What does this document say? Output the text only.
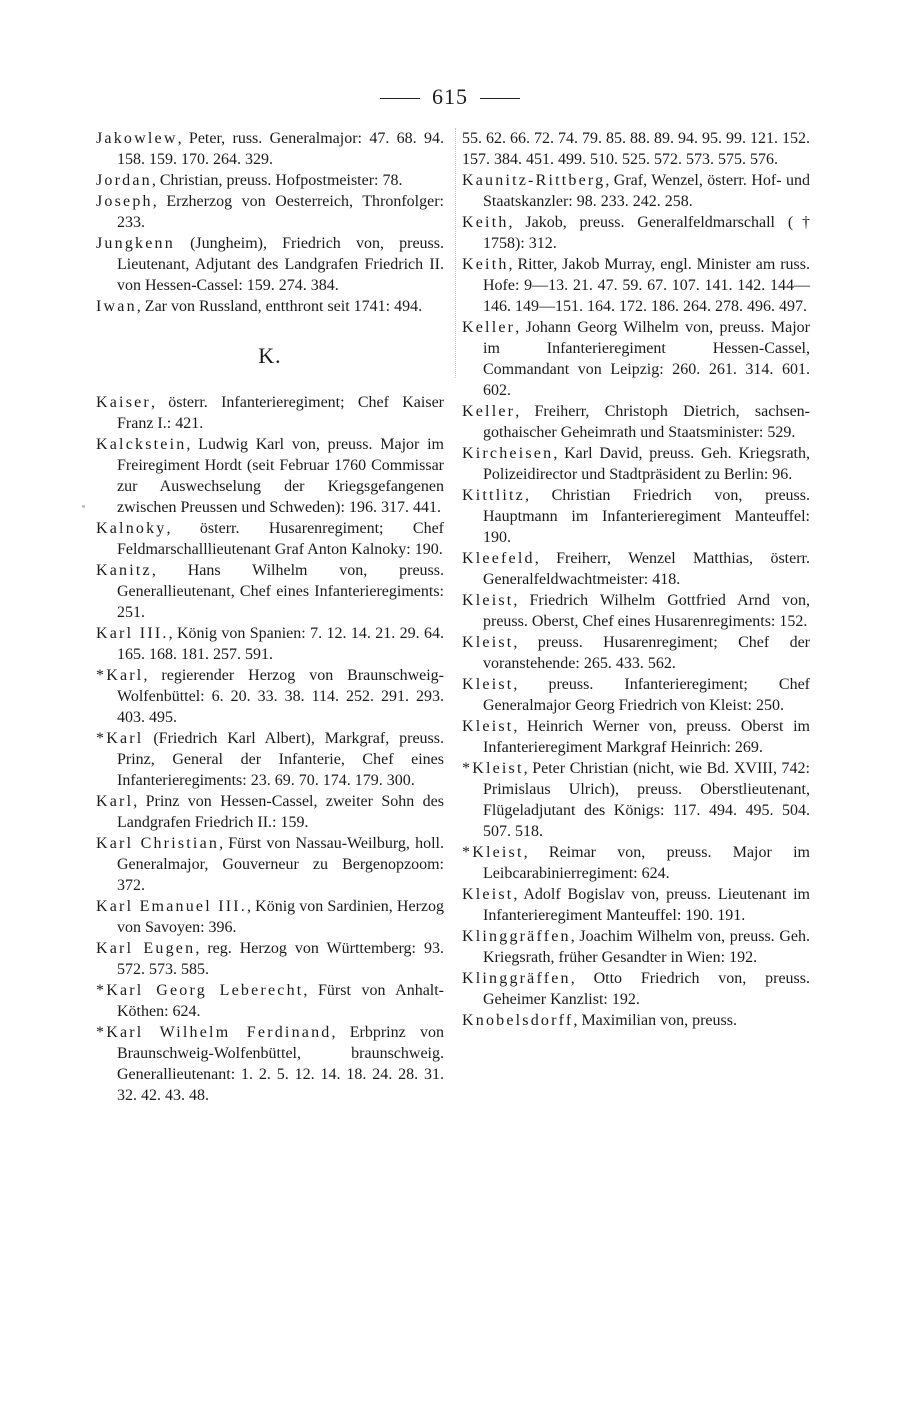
615
Jakowlew, Peter, russ. Generalmajor: 47. 68. 94. 158. 159. 170. 264. 329.
Jordan, Christian, preuss. Hofpostmeister: 78.
Joseph, Erzherzog von Oesterreich, Thronfolger: 233.
Jungkenn (Jungheim), Friedrich von, preuss. Lieutenant, Adjutant des Landgrafen Friedrich II. von Hessen-Cassel: 159. 274. 384.
Iwan, Zar von Russland, entthront seit 1741: 494.
K.
Kaiser, österr. Infanterieregiment; Chef Kaiser Franz I.: 421.
Kalckstein, Ludwig Karl von, preuss. Major im Freiregiment Hordt (seit Februar 1760 Commissar zur Auswechselung der Kriegsgefangenen zwischen Preussen und Schweden): 196. 317. 441.
Kalnoky, österr. Husarenregiment; Chef Feldmarschalllieutenant Graf Anton Kalnoky: 190.
Kanitz, Hans Wilhelm von, preuss. Generallieutenant, Chef eines Infanterieregiments: 251.
Karl III., König von Spanien: 7. 12. 14. 21. 29. 64. 165. 168. 181. 257. 591.
*Karl, regierender Herzog von Braunschweig-Wolfenbüttel: 6. 20. 33. 38. 114. 252. 291. 293. 403. 495.
*Karl (Friedrich Karl Albert), Markgraf, preuss. Prinz, General der Infanterie, Chef eines Infanterieregiments: 23. 69. 70. 174. 179. 300.
Karl, Prinz von Hessen-Cassel, zweiter Sohn des Landgrafen Friedrich II.: 159.
Karl Christian, Fürst von Nassau-Weilburg, holl. Generalmajor, Gouverneur zu Bergenopzoom: 372.
Karl Emanuel III., König von Sardinien, Herzog von Savoyen: 396.
Karl Eugen, reg. Herzog von Württemberg: 93. 572. 573. 585.
*Karl Georg Leberecht, Fürst von Anhalt-Köthen: 624.
*Karl Wilhelm Ferdinand, Erbprinz von Braunschweig-Wolfenbüttel, braunschweig. Generallieutenant: 1. 2. 5. 12. 14. 18. 24. 28. 31. 32. 42. 43. 48.
55. 62. 66. 72. 74. 79. 85. 88. 89. 94. 95. 99. 121. 152. 157. 384. 451. 499. 510. 525. 572. 573. 575. 576.
Kaunitz-Rittberg, Graf, Wenzel, österr. Hof- und Staatskanzler: 98. 233. 242. 258.
Keith, Jakob, preuss. Generalfeldmarschall († 1758): 312.
Keith, Ritter, Jakob Murray, engl. Minister am russ. Hofe: 9—13. 21. 47. 59. 67. 107. 141. 142. 144—146. 149—151. 164. 172. 186. 264. 278. 496. 497.
Keller, Johann Georg Wilhelm von, preuss. Major im Infanterieregiment Hessen-Cassel, Commandant von Leipzig: 260. 261. 314. 601. 602.
Keller, Freiherr, Christoph Dietrich, sachsen-gothaischer Geheimrath und Staatsminister: 529.
Kircheisen, Karl David, preuss. Geh. Kriegsrath, Polizeidirector und Stadtpräsident zu Berlin: 96.
Kittlitz, Christian Friedrich von, preuss. Hauptmann im Infanterieregiment Manteuffel: 190.
Kleefeld, Freiherr, Wenzel Matthias, österr. Generalfeldwachtmeister: 418.
Kleist, Friedrich Wilhelm Gottfried Arnd von, preuss. Oberst, Chef eines Husarenregiments: 152.
Kleist, preuss. Husarenregiment; Chef der voranstehende: 265. 433. 562.
Kleist, preuss. Infanterieregiment; Chef Generalmajor Georg Friedrich von Kleist: 250.
Kleist, Heinrich Werner von, preuss. Oberst im Infanterieregiment Markgraf Heinrich: 269.
*Kleist, Peter Christian (nicht, wie Bd. XVIII, 742: Primislaus Ulrich), preuss. Oberstlieutenant, Flügeladjutant des Königs: 117. 494. 495. 504. 507. 518.
*Kleist, Reimar von, preuss. Major im Leibcarabinierregiment: 624.
Kleist, Adolf Bogislav von, preuss. Lieutenant im Infanterieregiment Manteuffel: 190. 191.
Klinggräffen, Joachim Wilhelm von, preuss. Geh. Kriegsrath, früher Gesandter in Wien: 192.
Klinggräffen, Otto Friedrich von, preuss. Geheimer Kanzlist: 192.
Knobelsdorff, Maximilian von, preuss.
